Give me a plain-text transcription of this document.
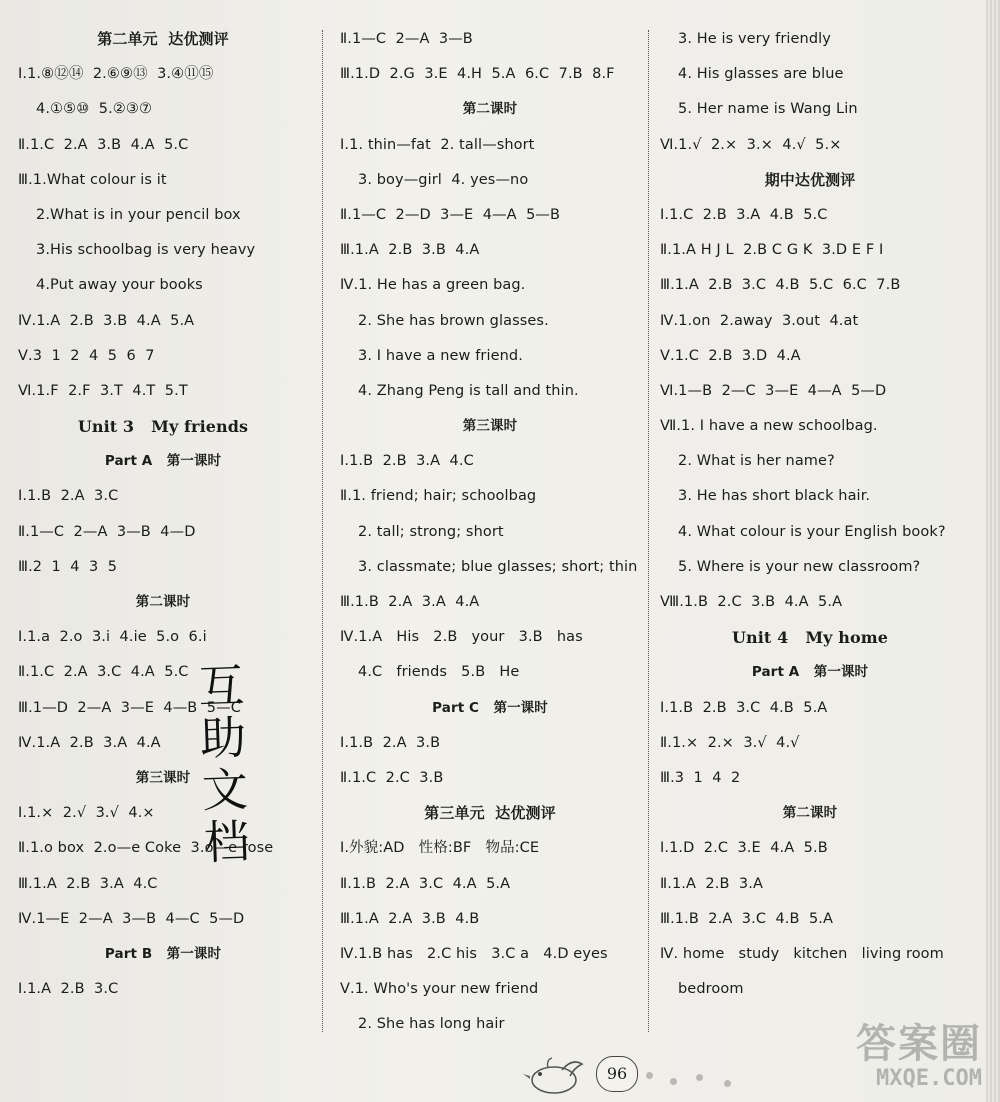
第二单元  达优测评
Ⅰ.1.⑧⑫⑭  2.⑥⑨⑬  3.④⑪⑮
4.①⑤⑩  5.②③⑦
Ⅱ.1.C  2.A  3.B  4.A  5.C
Ⅲ.1.What colour is it
2.What is in your pencil box
3.His schoolbag is very heavy
4.Put away your books
Ⅳ.1.A  2.B  3.B  4.A  5.A
Ⅴ.3  1  2  4  5  6  7
Ⅵ.1.F  2.F  3.T  4.T  5.T
Unit 3   My friends
Part A   第一课时
Ⅰ.1.B  2.A  3.C
Ⅱ.1—C  2—A  3—B  4—D
Ⅲ.2  1  4  3  5
第二课时
Ⅰ.1.a  2.o  3.i  4.ie  5.o  6.i
Ⅱ.1.C  2.A  3.C  4.A  5.C
Ⅲ.1—D  2—A  3—E  4—B  5—C
Ⅳ.1.A  2.B  3.A  4.A
第三课时
Ⅰ.1.×  2.√  3.√  4.×
Ⅱ.1.o box  2.o—e Coke  3.o—e rose
Ⅲ.1.A  2.B  3.A  4.C
Ⅳ.1—E  2—A  3—B  4—C  5—D
Part B   第一课时
Ⅰ.1.A  2.B  3.C
Ⅱ.1—C  2—A  3—B
Ⅲ.1.D  2.G  3.E  4.H  5.A  6.C  7.B  8.F
第二课时
Ⅰ.1. thin—fat  2. tall—short
3. boy—girl  4. yes—no
Ⅱ.1—C  2—D  3—E  4—A  5—B
Ⅲ.1.A  2.B  3.B  4.A
Ⅳ.1. He has a green bag.
2. She has brown glasses.
3. I have a new friend.
4. Zhang Peng is tall and thin.
第三课时
Ⅰ.1.B  2.B  3.A  4.C
Ⅱ.1. friend; hair; schoolbag
2. tall; strong; short
3. classmate; blue glasses; short; thin
Ⅲ.1.B  2.A  3.A  4.A
Ⅳ.1.A   His   2.B   your   3.B   has
4.C   friends   5.B   He
Part C   第一课时
Ⅰ.1.B  2.A  3.B
Ⅱ.1.C  2.C  3.B
第三单元  达优测评
Ⅰ.外貌:AD   性格:BF   物品:CE
Ⅱ.1.B  2.A  3.C  4.A  5.A
Ⅲ.1.A  2.A  3.B  4.B
Ⅳ.1.B has   2.C his   3.C a   4.D eyes
Ⅴ.1. Who's your new friend
2. She has long hair
3. He is very friendly
4. His glasses are blue
5. Her name is Wang Lin
Ⅵ.1.√  2.×  3.×  4.√  5.×
期中达优测评
Ⅰ.1.C  2.B  3.A  4.B  5.C
Ⅱ.1.A H J L  2.B C G K  3.D E F I
Ⅲ.1.A  2.B  3.C  4.B  5.C  6.C  7.B
Ⅳ.1.on  2.away  3.out  4.at
Ⅴ.1.C  2.B  3.D  4.A
Ⅵ.1—B  2—C  3—E  4—A  5—D
Ⅶ.1. I have a new schoolbag.
2. What is her name?
3. He has short black hair.
4. What colour is your English book?
5. Where is your new classroom?
Ⅷ.1.B  2.C  3.B  4.A  5.A
Unit 4   My home
Part A   第一课时
Ⅰ.1.B  2.B  3.C  4.B  5.A
Ⅱ.1.×  2.×  3.√  4.√
Ⅲ.3  1  4  2
第二课时
Ⅰ.1.D  2.C  3.E  4.A  5.B
Ⅱ.1.A  2.B  3.A
Ⅲ.1.B  2.A  3.C  4.B  5.A
Ⅳ. home   study   kitchen   living room
bedroom
互
助
文
档
96
答案圈
MXQE.COM
